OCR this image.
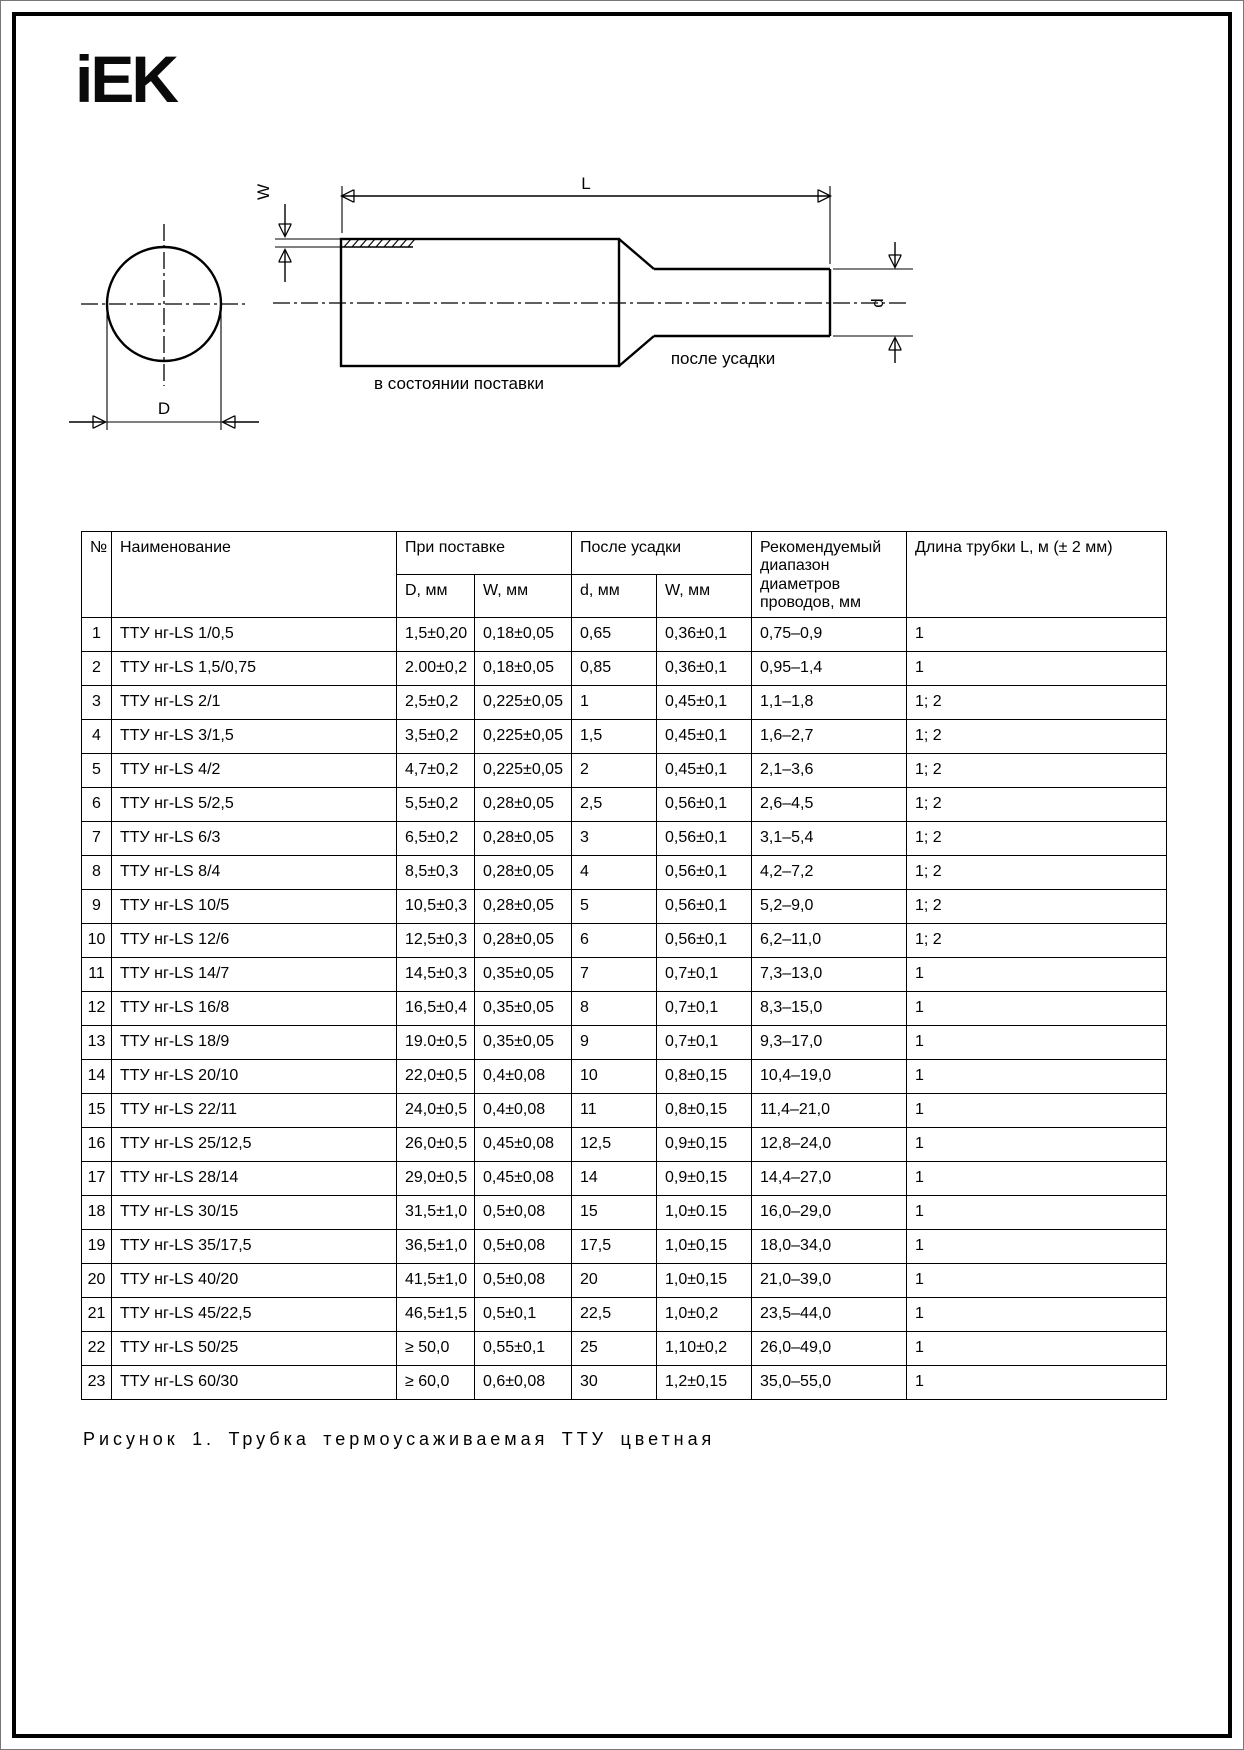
iEK
D
L
W
d
после усадки
в состоянии поставки
№	Наименование	При поставке		После усадки		Рекомендуемый диапазон диаметров проводов, мм	Длина трубки L, м (± 2 мм)
		D, мм	W, мм	d, мм	W, мм		
1	ТТУ нг-LS 1/0,5	1,5±0,20	0,18±0,05	0,65	0,36±0,1	0,75–0,9	1
2	ТТУ нг-LS 1,5/0,75	2.00±0,2	0,18±0,05	0,85	0,36±0,1	0,95–1,4	1
3	ТТУ нг-LS 2/1	2,5±0,2	0,225±0,05	1	0,45±0,1	1,1–1,8	1; 2
4	ТТУ нг-LS 3/1,5	3,5±0,2	0,225±0,05	1,5	0,45±0,1	1,6–2,7	1; 2
5	ТТУ нг-LS 4/2	4,7±0,2	0,225±0,05	2	0,45±0,1	2,1–3,6	1; 2
6	ТТУ нг-LS 5/2,5	5,5±0,2	0,28±0,05	2,5	0,56±0,1	2,6–4,5	1; 2
7	ТТУ нг-LS 6/3	6,5±0,2	0,28±0,05	3	0,56±0,1	3,1–5,4	1; 2
8	ТТУ нг-LS 8/4	8,5±0,3	0,28±0,05	4	0,56±0,1	4,2–7,2	1; 2
9	ТТУ нг-LS 10/5	10,5±0,3	0,28±0,05	5	0,56±0,1	5,2–9,0	1; 2
10	ТТУ нг-LS 12/6	12,5±0,3	0,28±0,05	6	0,56±0,1	6,2–11,0	1; 2
11	ТТУ нг-LS 14/7	14,5±0,3	0,35±0,05	7	0,7±0,1	7,3–13,0	1
12	ТТУ нг-LS 16/8	16,5±0,4	0,35±0,05	8	0,7±0,1	8,3–15,0	1
13	ТТУ нг-LS 18/9	19.0±0,5	0,35±0,05	9	0,7±0,1	9,3–17,0	1
14	ТТУ нг-LS 20/10	22,0±0,5	0,4±0,08	10	0,8±0,15	10,4–19,0	1
15	ТТУ нг-LS 22/11	24,0±0,5	0,4±0,08	11	0,8±0,15	11,4–21,0	1
16	ТТУ нг-LS 25/12,5	26,0±0,5	0,45±0,08	12,5	0,9±0,15	12,8–24,0	1
17	ТТУ нг-LS 28/14	29,0±0,5	0,45±0,08	14	0,9±0,15	14,4–27,0	1
18	ТТУ нг-LS 30/15	31,5±1,0	0,5±0,08	15	1,0±0.15	16,0–29,0	1
19	ТТУ нг-LS 35/17,5	36,5±1,0	0,5±0,08	17,5	1,0±0,15	18,0–34,0	1
20	ТТУ нг-LS 40/20	41,5±1,0	0,5±0,08	20	1,0±0,15	21,0–39,0	1
21	ТТУ нг-LS 45/22,5	46,5±1,5	0,5±0,1	22,5	1,0±0,2	23,5–44,0	1
22	ТТУ нг-LS 50/25	≥ 50,0	0,55±0,1	25	1,10±0,2	26,0–49,0	1
23	ТТУ нг-LS 60/30	≥ 60,0	0,6±0,08	30	1,2±0,15	35,0–55,0	1
Рисунок 1. Трубка термоусаживаемая ТТУ цветная
